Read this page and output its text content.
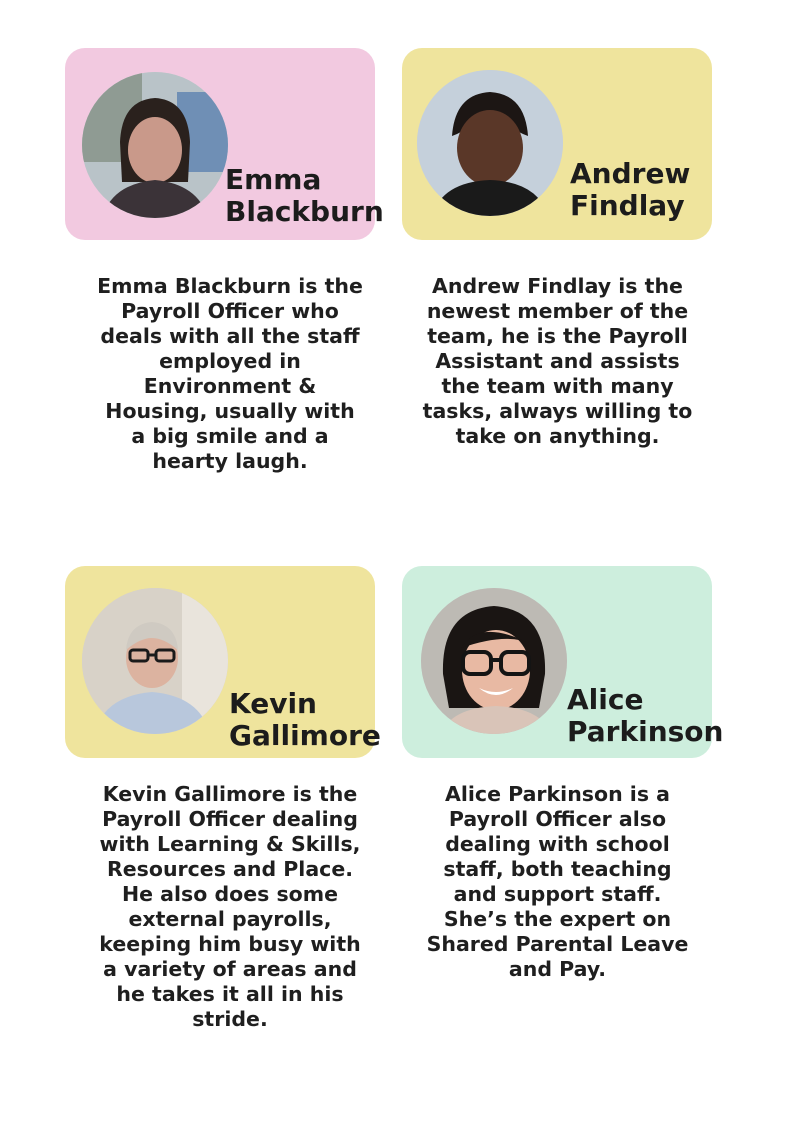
Emma
Blackburn
Emma Blackburn is the Payroll Officer who deals with all the staff employed in Environment & Housing, usually with a big smile and a hearty laugh.
Andrew
Findlay
Andrew Findlay is the newest member of the team, he is the Payroll Assistant and assists the team with many tasks, always willing to take on anything.
Kevin
Gallimore
Kevin Gallimore is the Payroll Officer dealing with Learning & Skills, Resources and Place. He also does some external payrolls, keeping him busy with a variety of areas and he takes it all in his stride.
Alice
Parkinson
Alice Parkinson is a Payroll Officer also dealing with school staff, both teaching and support staff. She’s the expert on Shared Parental Leave and Pay.
